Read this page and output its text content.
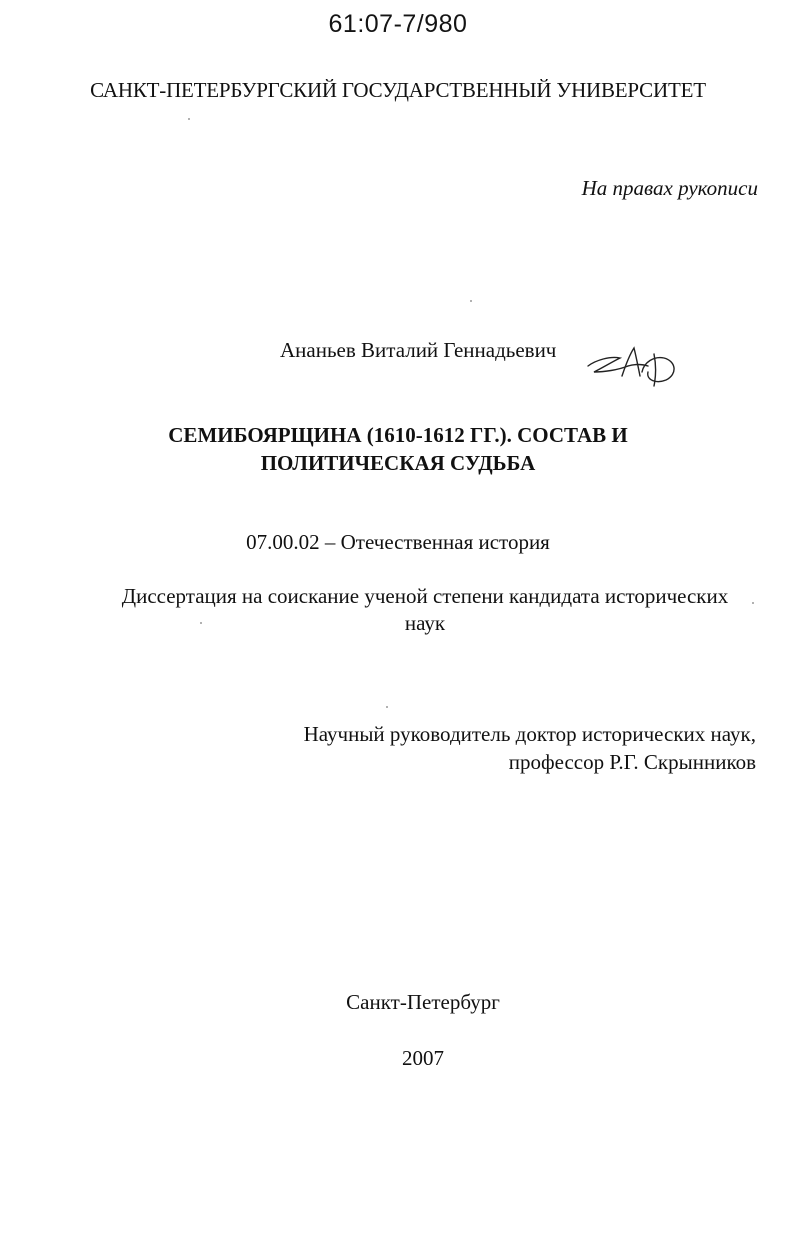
61:07-7/980
САНКТ-ПЕТЕРБУРГСКИЙ ГОСУДАРСТВЕННЫЙ УНИВЕРСИТЕТ
На правах рукописи
Ананьев Виталий Геннадьевич
СЕМИБОЯРЩИНА (1610-1612 ГГ.). СОСТАВ И
ПОЛИТИЧЕСКАЯ СУДЬБА
07.00.02 – Отечественная история
Диссертация на соискание ученой степени кандидата исторических
наук
Научный руководитель доктор исторических наук,
профессор Р.Г. Скрынников
Санкт-Петербург
2007
